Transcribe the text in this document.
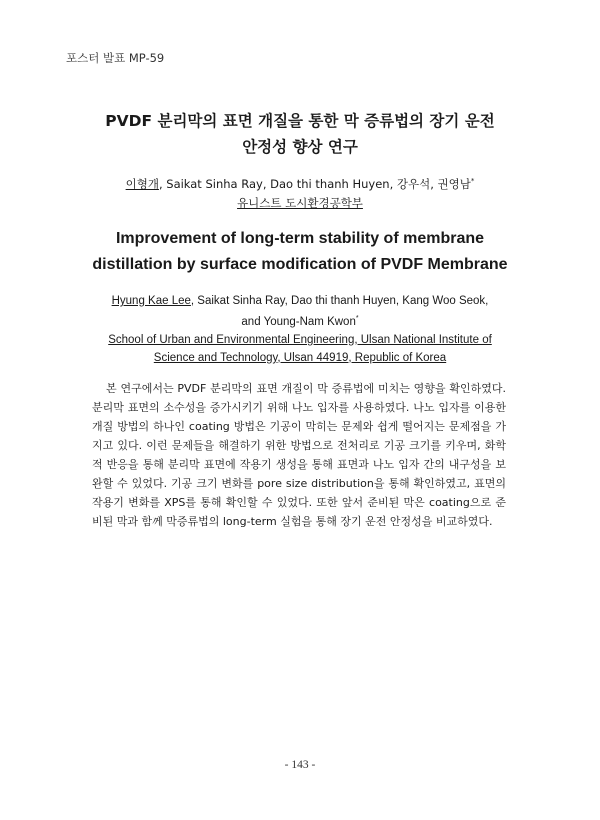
포스터 발표 MP-59
PVDF 분리막의 표면 개질을 통한 막 증류법의 장기 운전
안정성 향상 연구
이형개, Saikat Sinha Ray, Dao thi thanh Huyen, 강우석, 권영남*
유니스트 도시환경공학부
Improvement of long-term stability of membrane
distillation by surface modification of PVDF Membrane
Hyung Kae Lee, Saikat Sinha Ray, Dao thi thanh Huyen, Kang Woo Seok,
and Young-Nam Kwon*
School of Urban and Environmental Engineering, Ulsan National Institute of
Science and Technology, Ulsan 44919, Republic of Korea

본 연구에서는 PVDF 분리막의 표면 개질이 막 증류법에 미치는 영향을 확인하였다. 분리막 표면의 소수성을 증가시키기 위해 나노 입자를 사용하였다. 나노 입자를 이용한 개질 방법의 하나인 coating 방법은 기공이 막히는 문제와 쉽게 떨어지는 문제점을 가지고 있다. 이런 문제들을 해결하기 위한 방법으로 전처리로 기공 크기를 키우며, 화학적 반응을 통해 분리막 표면에 작용기 생성을 통해 표면과 나노 입자 간의 내구성을 보완할 수 있었다. 기공 크기 변화를 pore size distribution을 통해 확인하였고, 표면의 작용기 변화를 XPS를 통해 확인할 수 있었다. 또한 앞서 준비된 막은 coating으로 준비된 막과 함께 막증류법의 long-term 실험을 통해 장기 운전 안정성을 비교하였다.

- 143 -
